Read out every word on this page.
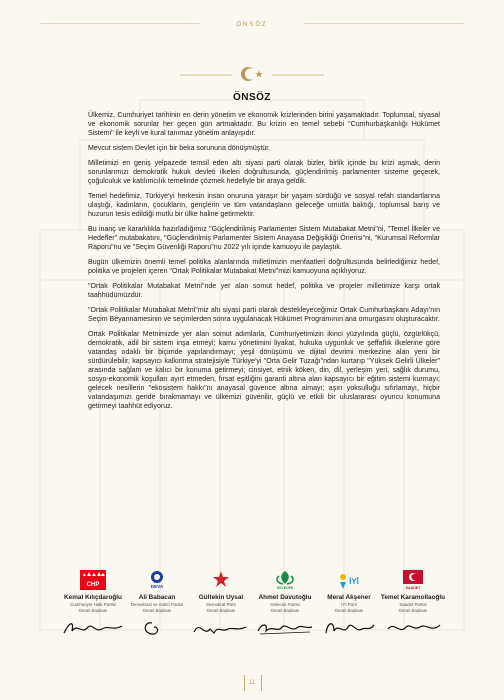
ÖNSÖZ
ÖNSÖZ

Ülkemiz, Cumhuriyet tarihinin en derin yönetim ve ekonomik krizlerinden birini yaşamaktadır. Toplumsal, siyasal ve ekonomik sorunlar her geçen gün artmaktadır. Bu krizin en temel sebebi "Cumhurbaşkanlığı Hükümet Sistemi" ile keyfi ve kural tanımaz yönetim anlayışıdır.

Mevcut sistem Devlet için bir beka sorununa dönüşmüştür.

Milletimizi en geniş yelpazede temsil eden altı siyasi parti olarak bizler, birlik içinde bu krizi aşmak, derin sorunlarımızı demokratik hukuk devleti ilkeleri doğrultusunda, güçlendirilmiş parlamenter sisteme geçerek, çoğulculuk ve katılımcılık temelinde çözmek hedefiyle bir araya geldik.

Temel hedefimiz, Türkiye'yi herkesin insan onuruna yaraşır bir yaşam sürdüğü ve sosyal refah standartlarına ulaştığı, kadınların, çocukların, gençlerin ve tüm vatandaşların geleceğe umutla baktığı, toplumsal barış ve huzurun tesis edildiği mutlu bir ülke haline getirmektir.

Bu inanç ve kararlılıkla hazırladığımız "Güçlendirilmiş Parlamenter Sistem Mutabakat Metni"ni, "Temel İlkeler ve Hedefler" mutabakatını, "Güçlendirilmiş Parlamenter Sistem Anayasa Değişikliği Önerisi"ni, "Kurumsal Reformlar Raporu"nu ve "Seçim Güvenliği Raporu"nu 2022 yılı içinde kamuoyu ile paylaştık.

Bugün ülkemizin önemli temel politika alanlarında milletimizin menfaatleri doğrultusunda belirlediğimiz hedef, politika ve projeleri içeren "Ortak Politikalar Mutabakat Metni"mizi kamuoyuna açıklıyoruz.

"Ortak Politikalar Mutabakat Metni"nde yer alan somut hedef, politika ve projeler milletimize karşı ortak taahhüdümüzdür.

"Ortak Politikalar Mutabakat Metni"miz altı siyasi parti olarak destekleyeceğimiz Ortak Cumhurbaşkanı Adayı'nın Seçim Beyannamesinin ve seçimlerden sonra uygulanacak Hükümet Programının ana omurgasını oluşturacaktır.

Ortak Politikalar Metnimizde yer alan somut adımlarla, Cumhuriyetimizin ikinci yüzyılında güçlü, özgürlükçü, demokratik, adil bir sistem inşa etmeyi; kamu yönetimini liyakat, hukuka uygunluk ve şeffaflık ilkelerine göre vatandaş odaklı bir biçimde yapılandırmayı; yeşil dönüşümü ve dijital devrimi merkezine alan yeni bir sürdürülebilir, kapsayıcı kalkınma stratejisiyle Türkiye'yi "Orta Gelir Tuzağı"ndan kurtarıp "Yüksek Gelirli Ülkeler" arasında sağlam ve kalıcı bir konuma getirmeyi; cinsiyet, etnik köken, din, dil, yerleşim yeri, sağlık durumu, sosyo-ekonomik koşulları ayırt etmeden, fırsat eşitliğini garanti altına alan kapsayıcı bir eğitim sistemi kurmayı; gelecek nesillerin "ekosistem hakkı"nı anayasal güvence altına almayı; aşırı yoksulluğu sıfırlamayı, hiçbir vatandaşımızı geride bırakmamayı ve ülkemizi güvenilir, güçlü ve etkili bir uluslararası oyuncu konumuna getirmeyi taahhüt ediyoruz.

CHP
Kemal Kılıçdaroğlu
Cumhuriyet Halk Partisi
Genel Başkanı
DEVA
Ali Babacan
Demokrasi ve Atılım Partisi
Genel Başkanı
Gültekin Uysal
Demokrat Parti
Genel Başkanı
GELECEK
Ahmet Davutoğlu
Gelecek Partisi
Genel Başkanı
İYİ
Meral Akşener
İYİ Parti
Genel Başkanı
SAADET
Temel Karamollaoğlu
Saadet Partisi
Genel Başkanı
11
